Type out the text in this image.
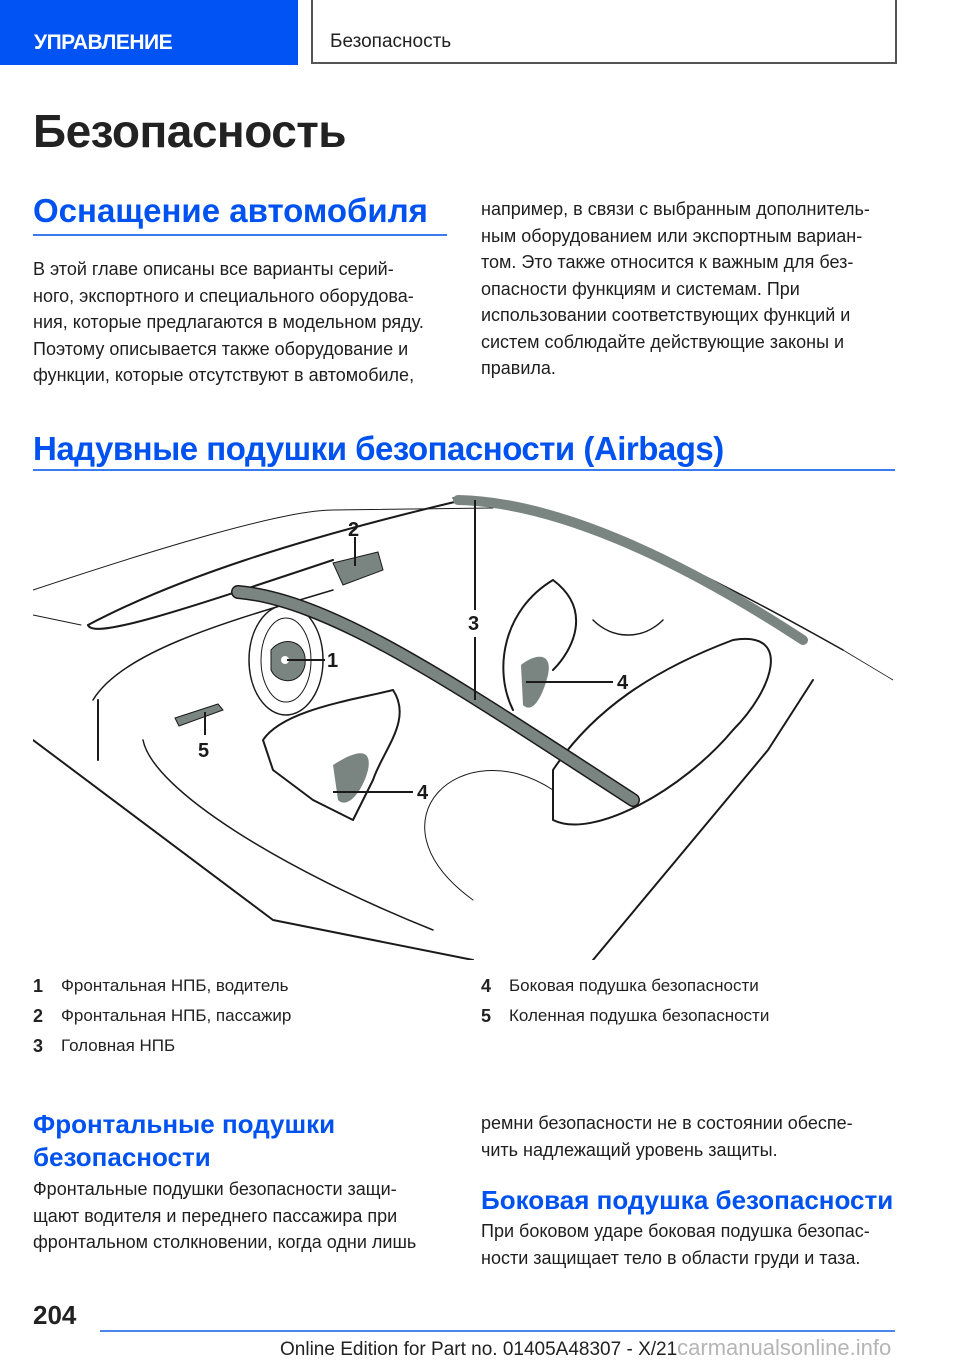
УПРАВЛЕНИЕ	Безопасность
Безопасность
Оснащение автомобиля
В этой главе описаны все варианты серий-
ного, экспортного и специального оборудова-
ния, которые предлагаются в модельном ряду.
Поэтому описывается также оборудование и
функции, которые отсутствуют в автомобиле,
например, в связи с выбранным дополнитель-
ным оборудованием или экспортным вариан-
том. Это также относится к важным для без-
опасности функциям и системам. При
использовании соответствующих функций и
систем соблюдайте действующие законы и
правила.
Надувные подушки безопасности (Airbags)
2
1
3
4
4
5
1	Фронтальная НПБ, водитель
2	Фронтальная НПБ, пассажир
3	Головная НПБ
4	Боковая подушка безопасности
5	Коленная подушка безопасности
Фронтальные подушки
безопасности
Фронтальные подушки безопасности защи-
щают водителя и переднего пассажира при
фронтальном столкновении, когда одни лишь
ремни безопасности не в состоянии обеспе-
чить надлежащий уровень защиты.
Боковая подушка безопасности
При боковом ударе боковая подушка безопас-
ности защищает тело в области груди и таза.
204
Online Edition for Part no. 01405A48307 - X/21carmanualsonline.info
